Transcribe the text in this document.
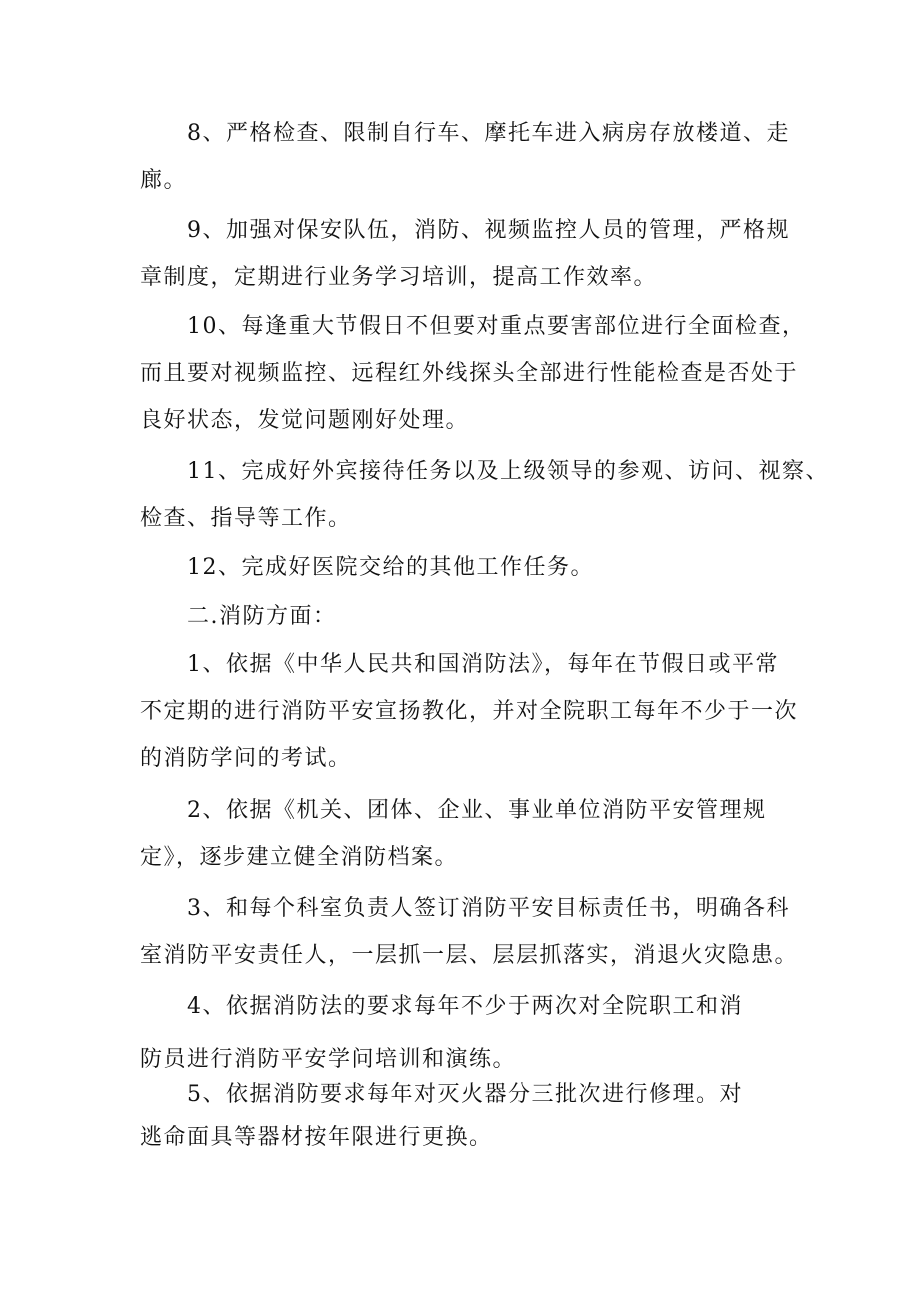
8、严格检查、限制自行车、摩托车进入病房存放楼道、走
廊。

9、加强对保安队伍，消防、视频监控人员的管理，严格规
章制度，定期进行业务学习培训，提高工作效率。

10、每逢重大节假日不但要对重点要害部位进行全面检查，
而且要对视频监控、远程红外线探头全部进行性能检查是否处于
良好状态，发觉问题刚好处理。

11、完成好外宾接待任务以及上级领导的参观、访问、视察、
检查、指导等工作。

12、完成好医院交给的其他工作任务。

二.消防方面：

1、依据《中华人民共和国消防法》，每年在节假日或平常
不定期的进行消防平安宣扬教化，并对全院职工每年不少于一次
的消防学问的考试。

2、依据《机关、团体、企业、事业单位消防平安管理规
定》，逐步建立健全消防档案。

3、和每个科室负责人签订消防平安目标责任书，明确各科
室消防平安责任人，一层抓一层、层层抓落实，消退火灾隐患。

4、依据消防法的要求每年不少于两次对全院职工和消
防员进行消防平安学问培训和演练。

5、依据消防要求每年对灭火器分三批次进行修理。对
逃命面具等器材按年限进行更换。
